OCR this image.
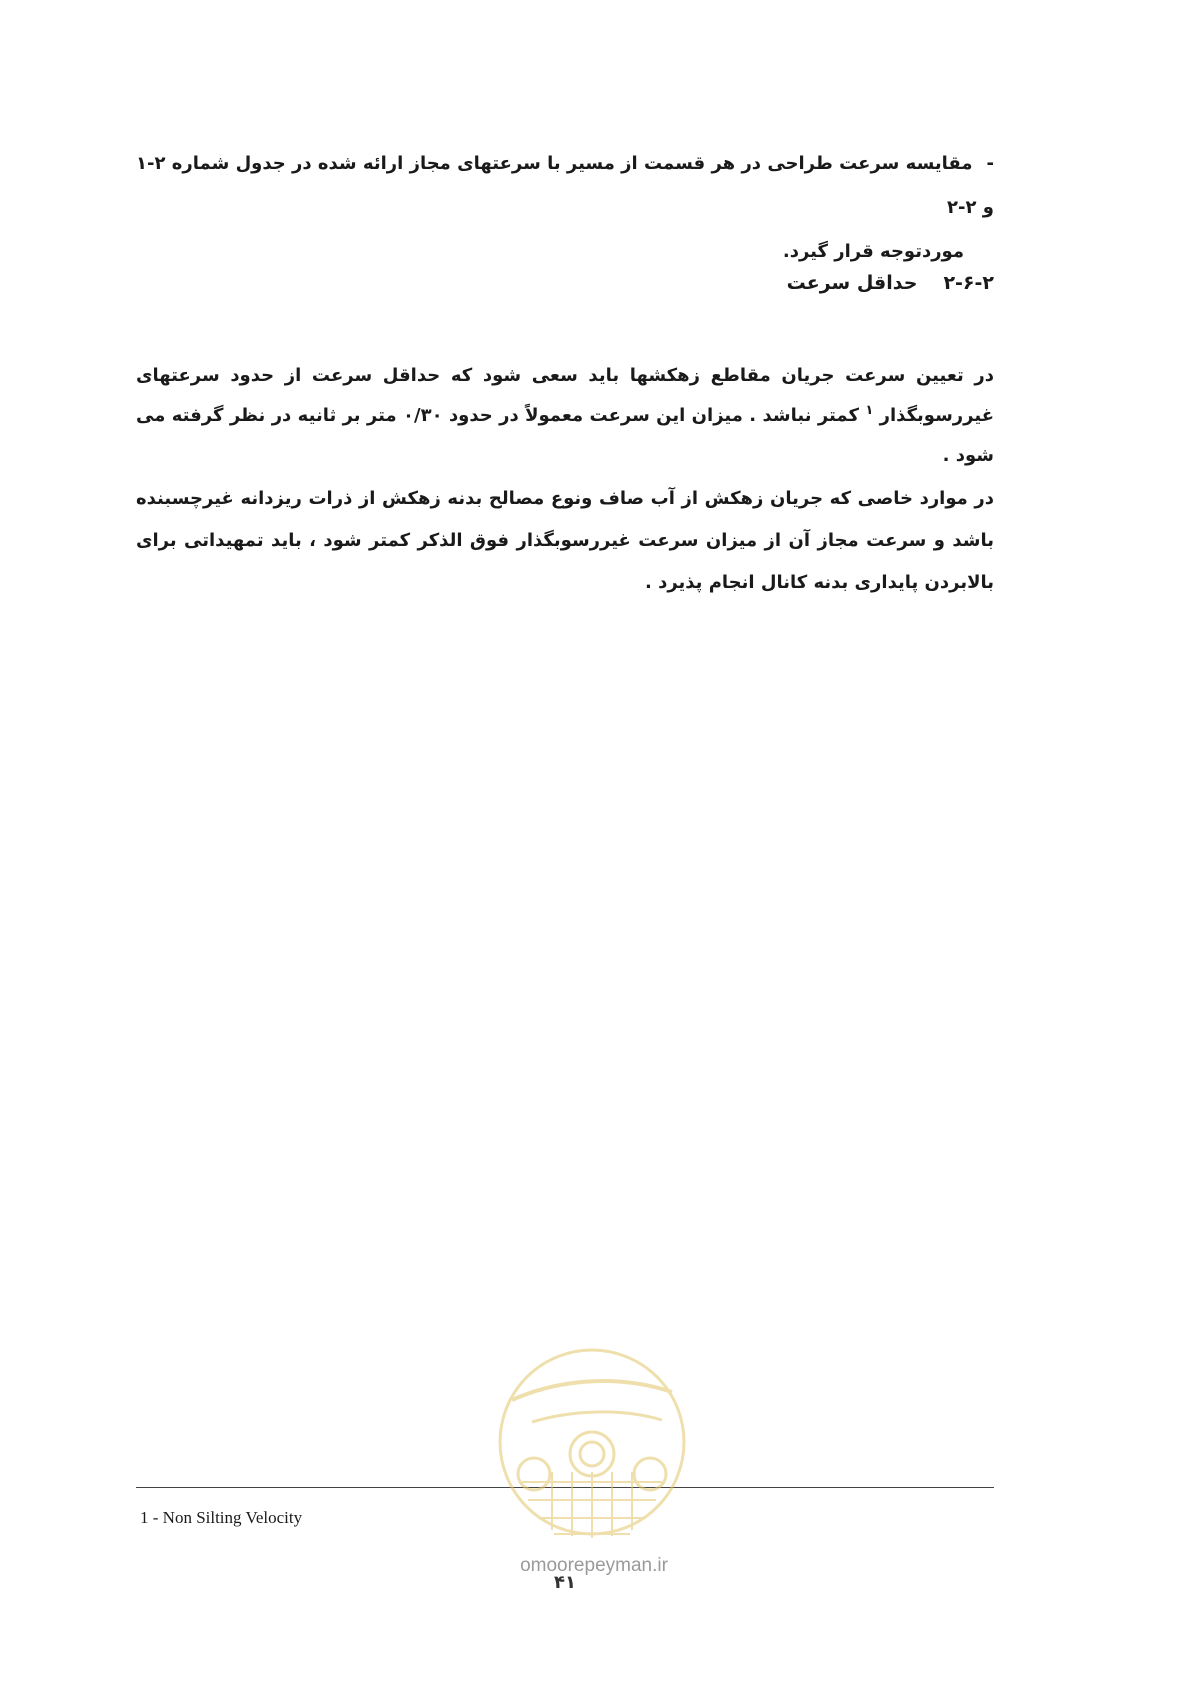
-مقایسه سرعت طراحی در هر قسمت از مسیر با سرعتهای مجاز ارائه شده در جدول شماره ۲-۱ و ۲-۲
موردتوجه قرار گیرد.
۲-۶-۲حداقل سرعت
در تعیین سرعت جریان مقاطع زهکشها باید سعی شود که حداقل سرعت از حدود سرعتهای غیررسوبگذار $^۱$ کمتر نباشد . میزان این سرعت معمولاً در حدود ۰/۳۰ متر بر ثانیه در نظر گرفته می شود .
در موارد خاصی که جریان زهکش از آب صاف ونوع مصالح بدنه زهکش از ذرات ریزدانه غیرچسبنده باشد و سرعت مجاز آن از میزان سرعت غیررسوبگذار فوق الذکر کمتر شود ، باید تمهیداتی برای بالابردن پایداری بدنه کانال انجام پذیرد .
1 - Non Silting Velocity
omoorepeyman.ir
۴۱
